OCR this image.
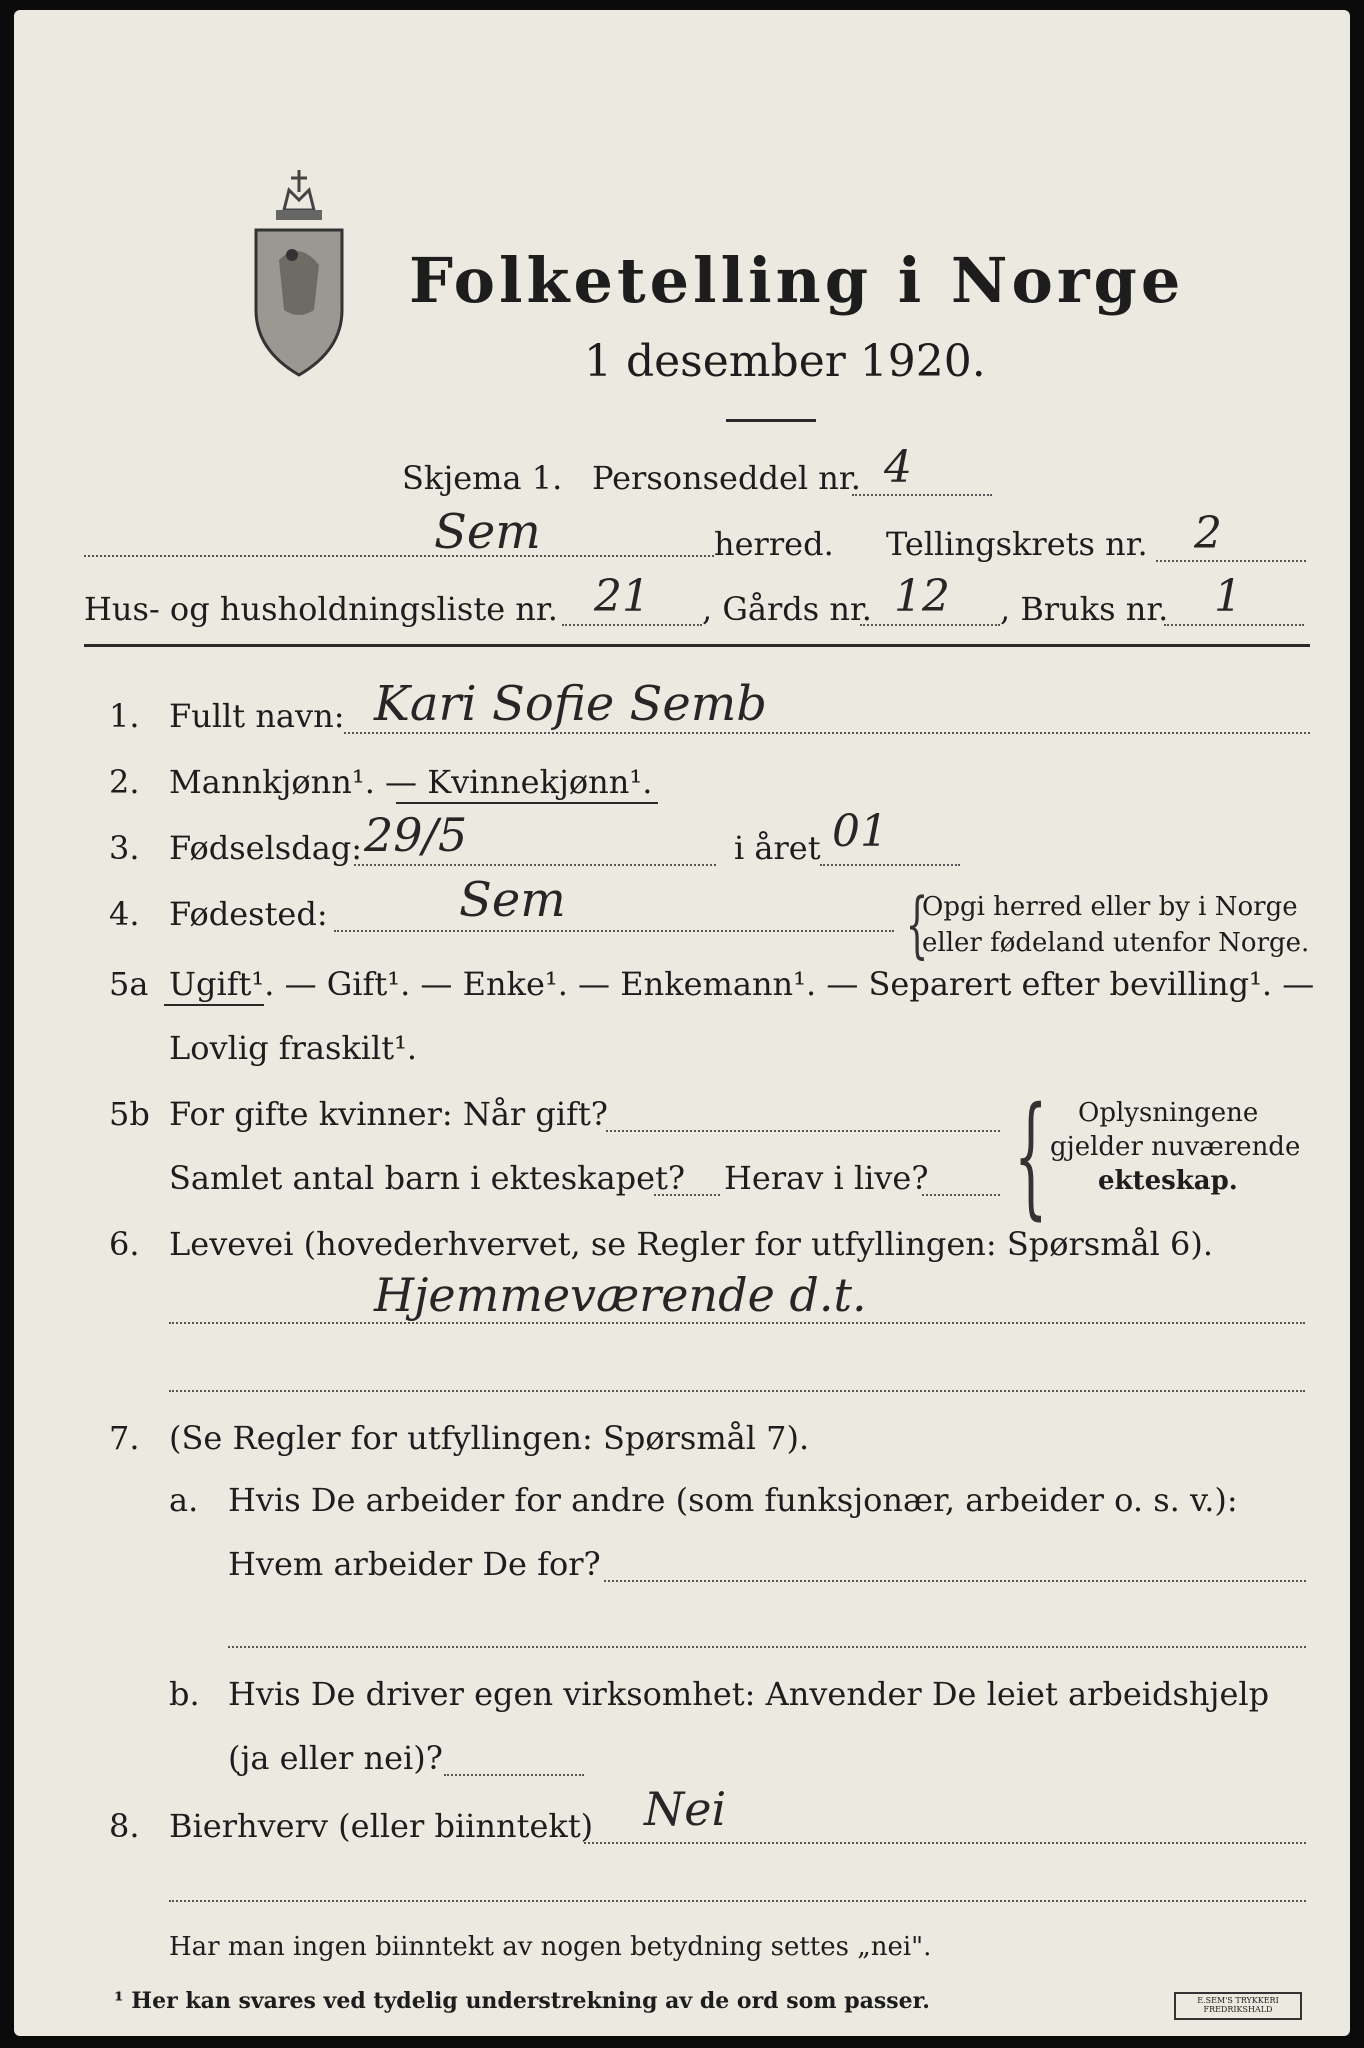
Folketelling i Norge
1 desember 1920.
Skjema 1. Personseddel nr. 4
Sem	herred. Tellingskrets nr. 2
Hus- og husholdningsliste nr. 21 , Gårds nr. 12 , Bruks nr. 1
1. Fullt navn: Kari Sofie Semb
2. Mannkjønn¹. — Kvinnekjønn¹.
3. Fødselsdag: 29/5	i året 01
4. Fødested:	Sem	{
Opgi herred eller by i Norge
eller fødeland utenfor Norge.
5a Ugift¹. — Gift¹. — Enke¹. — Enkemann¹. — Separert efter bevilling¹. —
Lovlig fraskilt¹.
5b For gifte kvinner: Når gift?
Samlet antal barn i ekteskapet? Herav i live? { Oplysningene
gjelder nuværende
ekteskap.
6. Levevei (hovederhvervet, se Regler for utfyllingen: Spørsmål 6).
Hjemmeværende d.t.
7. (Se Regler for utfyllingen: Spørsmål 7).
a. Hvis De arbeider for andre (som funksjonær, arbeider o. s. v.):
Hvem arbeider De for?
b. Hvis De driver egen virksomhet: Anvender De leiet arbeidshjelp
(ja eller nei)?
8. Bierhverv (eller biinntekt) Nei
Har man ingen biinntekt av nogen betydning settes „nei".
¹ Her kan svares ved tydelig understrekning av de ord som passer.	E.SEM'S TRYKKERI FREDRIKSHALD
